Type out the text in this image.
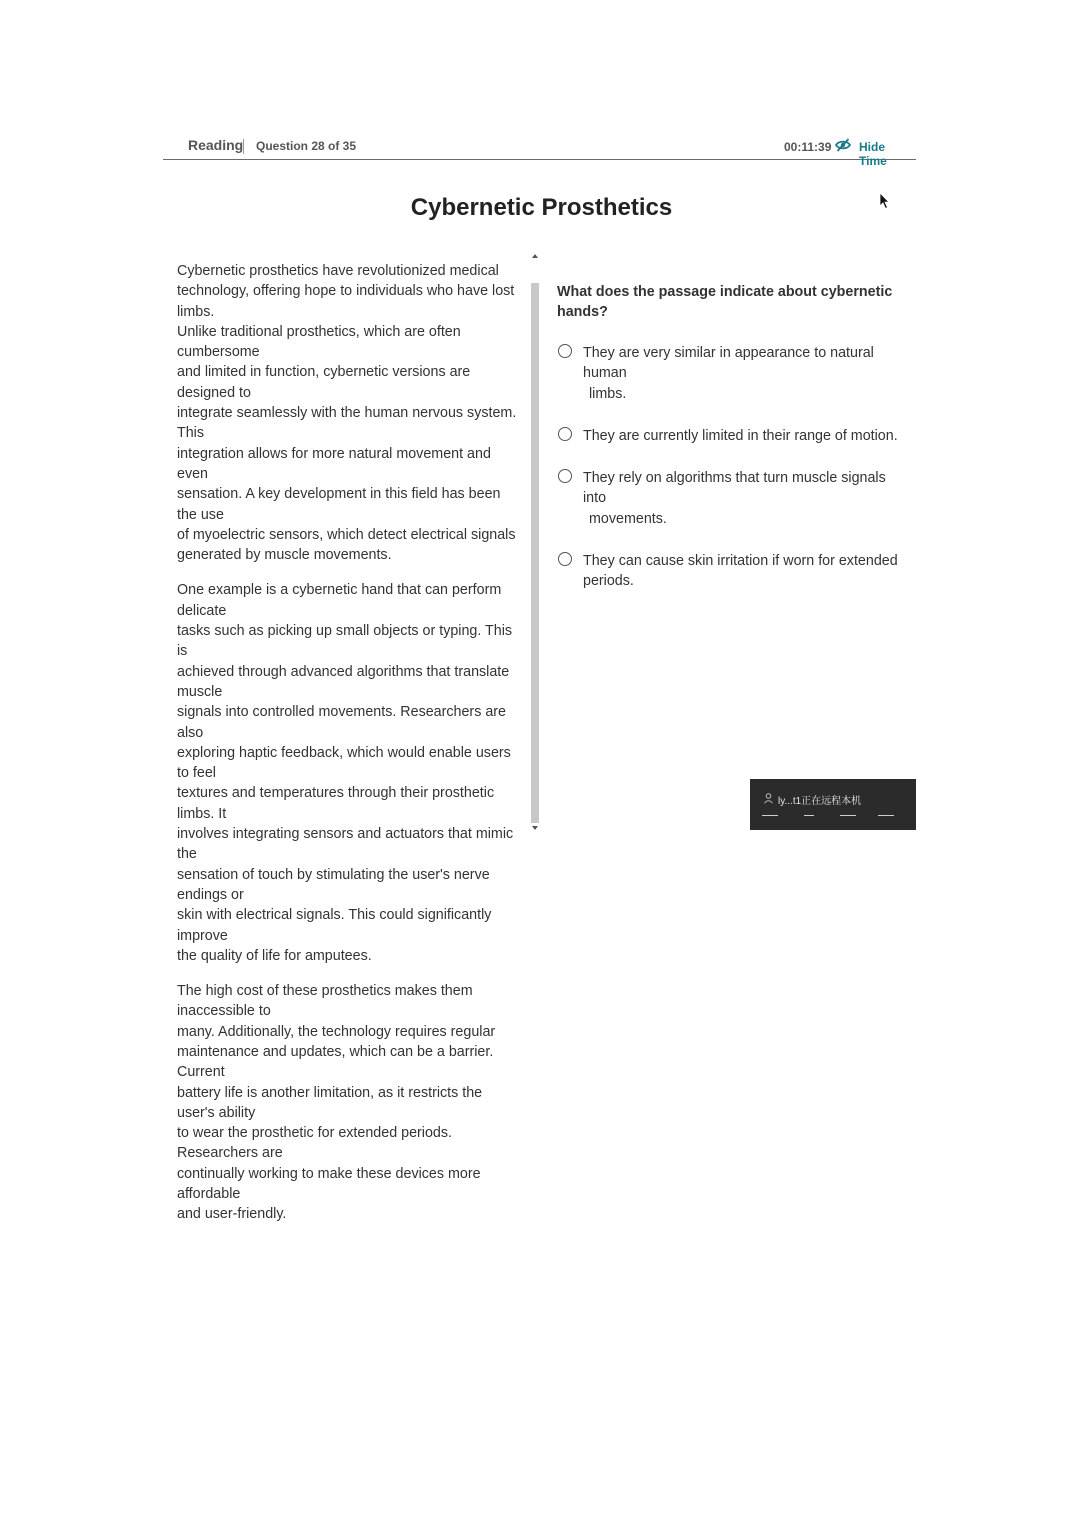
Reading Question 28 of 35	00:11:39 Hide Time
Cybernetic Prosthetics

Cybernetic prosthetics have revolutionized medical
technology, offering hope to individuals who have lost limbs.
Unlike traditional prosthetics, which are often cumbersome
and limited in function, cybernetic versions are designed to
integrate seamlessly with the human nervous system. This
integration allows for more natural movement and even
sensation. A key development in this field has been the use
of myoelectric sensors, which detect electrical signals
generated by muscle movements.

One example is a cybernetic hand that can perform delicate
tasks such as picking up small objects or typing. This is
achieved through advanced algorithms that translate muscle
signals into controlled movements. Researchers are also
exploring haptic feedback, which would enable users to feel
textures and temperatures through their prosthetic limbs. It
involves integrating sensors and actuators that mimic the
sensation of touch by stimulating the user's nerve endings or
skin with electrical signals. This could significantly improve
the quality of life for amputees.

The high cost of these prosthetics makes them inaccessible to
many. Additionally, the technology requires regular
maintenance and updates, which can be a barrier. Current
battery life is another limitation, as it restricts the user's ability
to wear the prosthetic for extended periods. Researchers are
continually working to make these devices more affordable
and user-friendly.

What does the passage indicate about cybernetic hands?

They are very similar in appearance to natural human
limbs.
They are currently limited in their range of motion.
They rely on algorithms that turn muscle signals into
movements.
They can cause skin irritation if worn for extended periods.
ly...t1正在远程本机
